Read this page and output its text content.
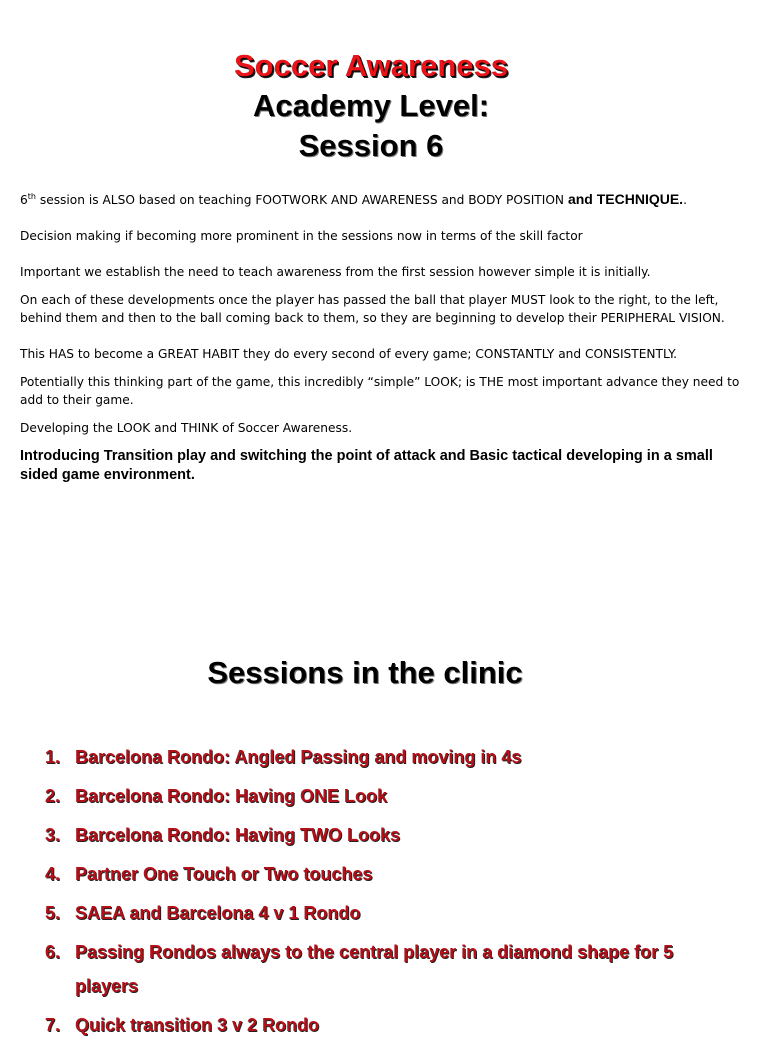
Soccer Awareness
Academy Level:
Session 6
6th session is ALSO based on teaching FOOTWORK AND AWARENESS and BODY POSITION and TECHNIQUE..
Decision making if becoming more prominent in the sessions now in terms of the skill factor
Important we establish the need to teach awareness from the first session however simple it is initially.
On each of these developments once the player has passed the ball that player MUST look to the right, to the left, behind them and then to the ball coming back to them, so they are beginning to develop their PERIPHERAL VISION.
This HAS to become a GREAT HABIT they do every second of every game; CONSTANTLY and CONSISTENTLY.
Potentially this thinking part of the game, this incredibly “simple” LOOK; is THE most important advance they need to add to their game.
Developing the LOOK and THINK of Soccer Awareness.
Introducing Transition play and switching the point of attack and Basic tactical developing in a small sided game environment.
Sessions in the clinic
1. Barcelona Rondo: Angled Passing and moving in 4s
2. Barcelona Rondo: Having ONE Look
3. Barcelona Rondo: Having TWO Looks
4. Partner One Touch or Two touches
5. SAEA and Barcelona 4 v 1 Rondo
6. Passing Rondos always to the central player in a diamond shape for 5 players
7. Quick transition 3 v 2 Rondo
